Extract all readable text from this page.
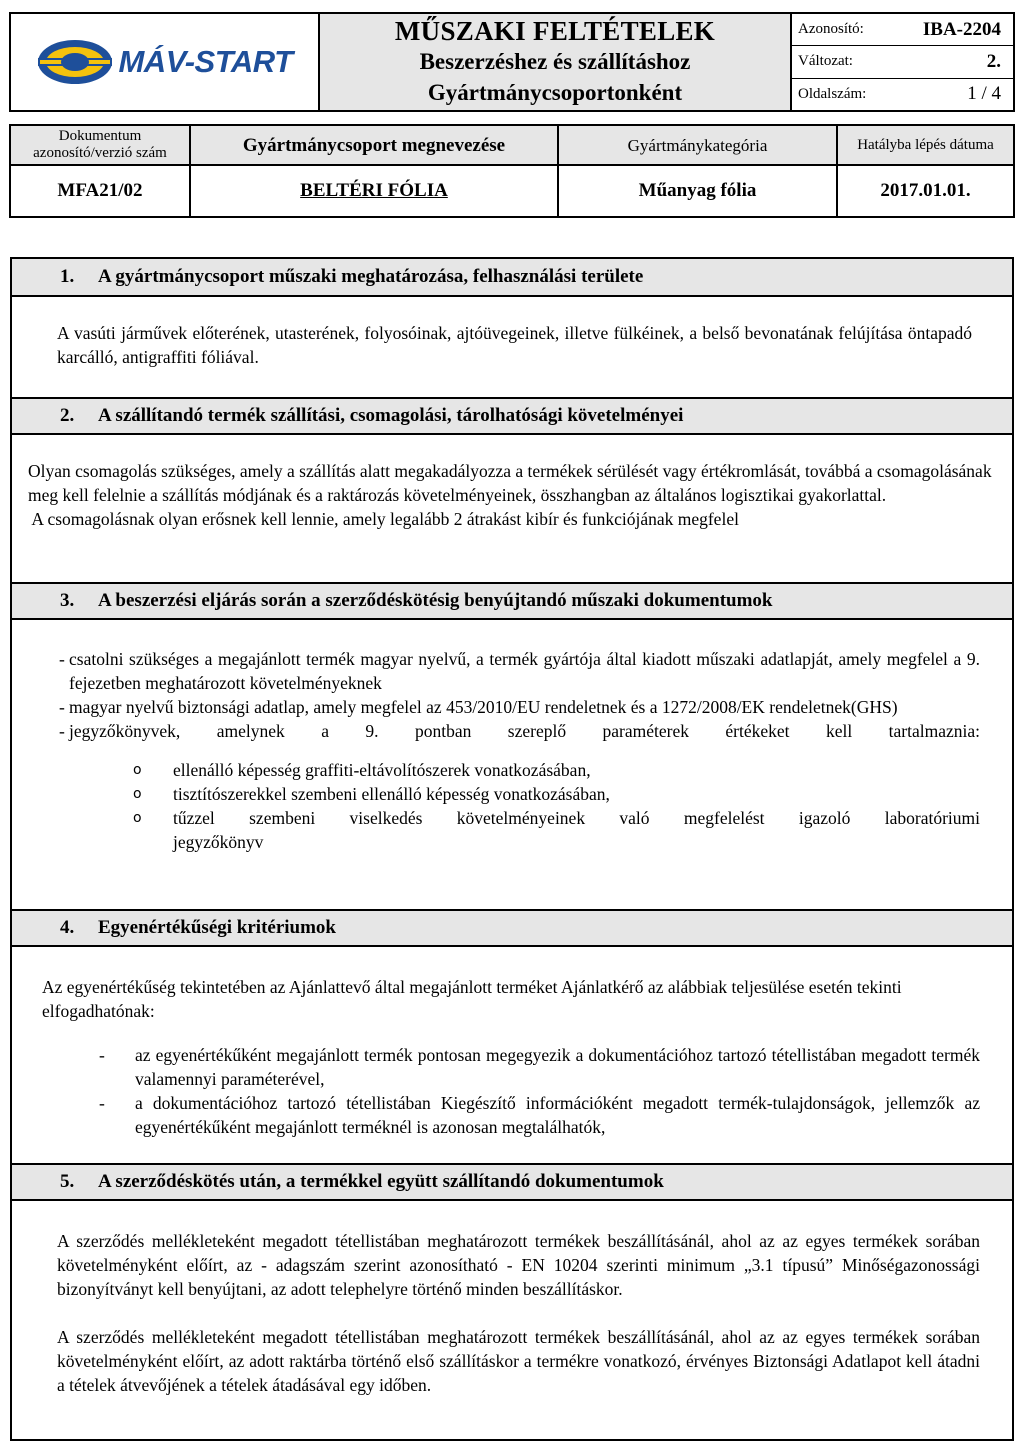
MÁV-START
MŰSZAKI FELTÉTELEK
Beszerzéshez és szállításhoz
Gyártmánycsoportonként
Azonosító:	IBA-2204
Változat:	2.
Oldalszám:	1 / 4
Dokumentum azonosító/verzió szám	Gyártmánycsoport megnevezése	Gyártmánykategória	Hatályba lépés dátuma
MFA21/02	BELTÉRI FÓLIA	Műanyag fólia	2017.01.01.
1.	A gyártmánycsoport műszaki meghatározása, felhasználási területe

A vasúti járművek előterének, utasterének, folyosóinak, ajtóüvegeinek, illetve fülkéinek, a belső bevonatának felújítása öntapadó karcálló, antigraffiti fóliával.

2.	A szállítandó termék szállítási, csomagolási, tárolhatósági követelményei

Olyan csomagolás szükséges, amely a szállítás alatt megakadályozza a termékek sérülését vagy értékromlását, továbbá a csomagolásának meg kell felelnie a szállítás módjának és a raktározás követelményeinek, összhangban az általános logisztikai gyakorlattal.

A csomagolásnak olyan erősnek kell lennie, amely legalább 2 átrakást kibír és funkciójának megfelel

3.	A beszerzési eljárás során a szerződéskötésig benyújtandó műszaki dokumentumok
- csatolni szükséges a megajánlott termék magyar nyelvű, a termék gyártója által kiadott műszaki adatlapját, amely megfelel a 9. fejezetben meghatározott követelményeknek
- magyar nyelvű biztonsági adatlap, amely megfelel az 453/2010/EU rendeletnek és a 1272/2008/EK rendeletnek(GHS)
- jegyzőkönyvek, amelynek a 9. pontban szereplő paraméterek értékeket kell tartalmaznia:
o ellenálló képesség graffiti-eltávolítószerek vonatkozásában,
o tisztítószerekkel szembeni ellenálló képesség vonatkozásában,
o tűzzel szembeni viselkedés követelményeinek való megfelelést igazoló laboratóriumi
jegyzőkönyv
4.	Egyenértékűségi kritériumok

Az egyenértékűség tekintetében az Ajánlattevő által megajánlott terméket Ajánlatkérő az alábbiak teljesülése esetén tekinti elfogadhatónak:

- az egyenértékűként megajánlott termék pontosan megegyezik a dokumentációhoz tartozó tétellistában megadott termék valamennyi paraméterével,
- a dokumentációhoz tartozó tétellistában Kiegészítő információként megadott termék-tulajdonságok, jellemzők az egyenértékűként megajánlott terméknél is azonosan megtalálhatók,
5.	A szerződéskötés után, a termékkel együtt szállítandó dokumentumok

A szerződés mellékleteként megadott tétellistában meghatározott termékek beszállításánál, ahol az az egyes termékek sorában követelményként előírt, az - adagszám szerint azonosítható - EN 10204 szerinti minimum „3.1 típusú” Minőségazonossági bizonyítványt kell benyújtani, az adott telephelyre történő minden beszállításkor.

A szerződés mellékleteként megadott tétellistában meghatározott termékek beszállításánál, ahol az az egyes termékek sorában követelményként előírt, az adott raktárba történő első szállításkor a termékre vonatkozó, érvényes Biztonsági Adatlapot kell átadni a tételek átvevőjének a tételek átadásával egy időben.
